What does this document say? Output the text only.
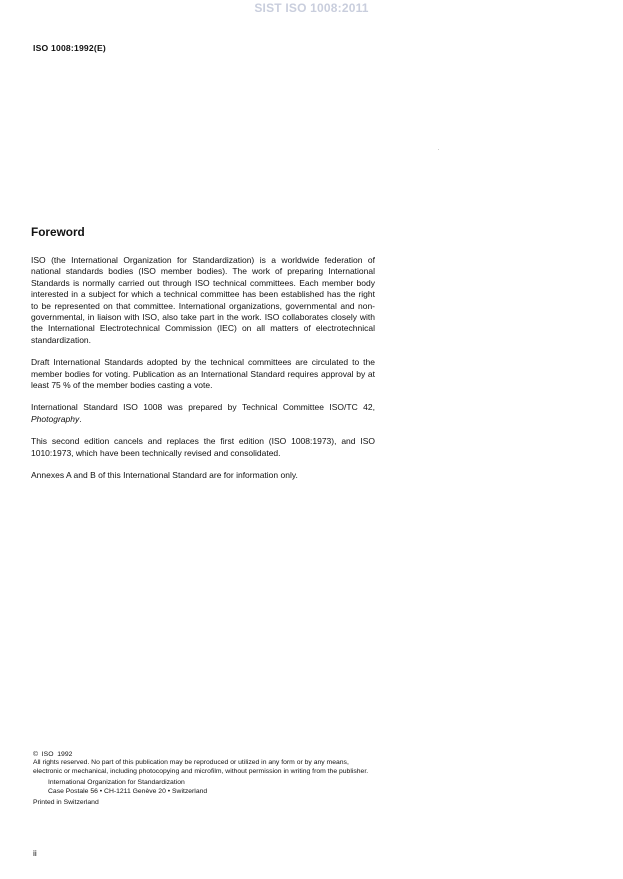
SIST ISO 1008:2011
ISO 1008:1992(E)
Foreword

ISO (the International Organization for Standardization) is a worldwide federation of national standards bodies (ISO member bodies). The work of preparing International Standards is normally carried out through ISO technical committees. Each member body interested in a subject for which a technical committee has been established has the right to be represented on that committee. International organizations, governmental and non-governmental, in liaison with ISO, also take part in the work. ISO collaborates closely with the International Electrotechnical Commission (IEC) on all matters of electrotechnical standardization.

Draft International Standards adopted by the technical committees are circulated to the member bodies for voting. Publication as an International Standard requires approval by at least 75 % of the member bodies casting a vote.

International Standard ISO 1008 was prepared by Technical Committee ISO/TC 42, Photography.

This second edition cancels and replaces the first edition (ISO 1008:1973), and ISO 1010:1973, which have been technically revised and consolidated.

Annexes A and B of this International Standard are for information only.

©  ISO  1992

All rights reserved. No part of this publication may be reproduced or utilized in any form or by any means, electronic or mechanical, including photocopying and microfilm, without permission in writing from the publisher.

International Organization for Standardization
Case Postale 56 • CH-1211 Genève 20 • Switzerland
Printed in Switzerland
ii
